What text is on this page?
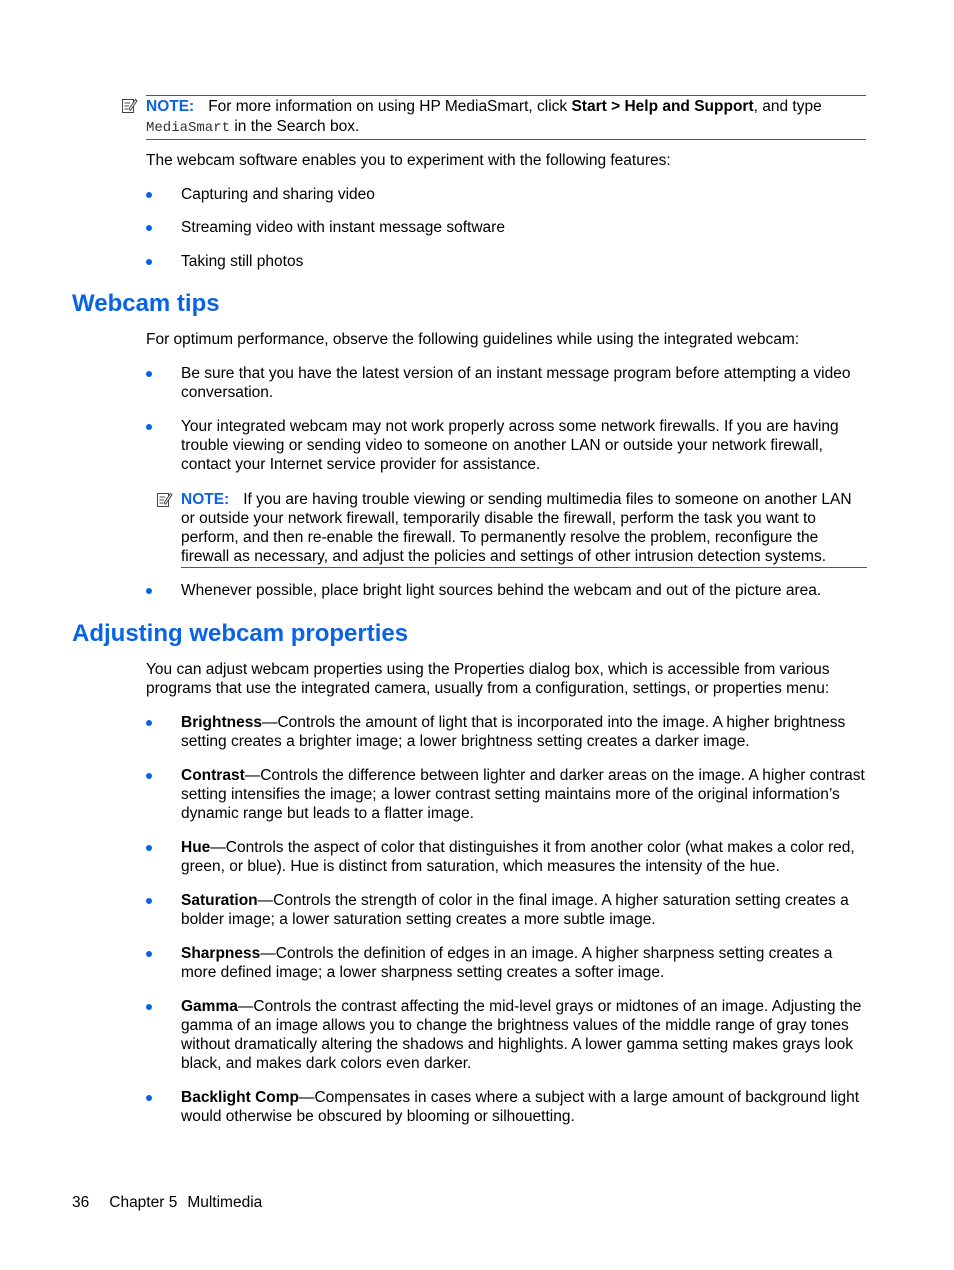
NOTE: For more information on using HP MediaSmart, click Start > Help and Support, and type
MediaSmart in the Search box.
The webcam software enables you to experiment with the following features:
Capturing and sharing video
Streaming video with instant message software
Taking still photos
Webcam tips
For optimum performance, observe the following guidelines while using the integrated webcam:
Be sure that you have the latest version of an instant message program before attempting a video conversation.
Your integrated webcam may not work properly across some network firewalls. If you are having trouble viewing or sending video to someone on another LAN or outside your network firewall, contact your Internet service provider for assistance.
NOTE: If you are having trouble viewing or sending multimedia files to someone on another LAN or outside your network firewall, temporarily disable the firewall, perform the task you want to perform, and then re-enable the firewall. To permanently resolve the problem, reconfigure the firewall as necessary, and adjust the policies and settings of other intrusion detection systems.
Whenever possible, place bright light sources behind the webcam and out of the picture area.
Adjusting webcam properties
You can adjust webcam properties using the Properties dialog box, which is accessible from various programs that use the integrated camera, usually from a configuration, settings, or properties menu:
Brightness—Controls the amount of light that is incorporated into the image. A higher brightness setting creates a brighter image; a lower brightness setting creates a darker image.
Contrast—Controls the difference between lighter and darker areas on the image. A higher contrast setting intensifies the image; a lower contrast setting maintains more of the original information’s dynamic range but leads to a flatter image.
Hue—Controls the aspect of color that distinguishes it from another color (what makes a color red, green, or blue). Hue is distinct from saturation, which measures the intensity of the hue.
Saturation—Controls the strength of color in the final image. A higher saturation setting creates a bolder image; a lower saturation setting creates a more subtle image.
Sharpness—Controls the definition of edges in an image. A higher sharpness setting creates a more defined image; a lower sharpness setting creates a softer image.
Gamma—Controls the contrast affecting the mid-level grays or midtones of an image. Adjusting the gamma of an image allows you to change the brightness values of the middle range of gray tones without dramatically altering the shadows and highlights. A lower gamma setting makes grays look black, and makes dark colors even darker.
Backlight Comp—Compensates in cases where a subject with a large amount of background light would otherwise be obscured by blooming or silhouetting.
36 Chapter 5 Multimedia
